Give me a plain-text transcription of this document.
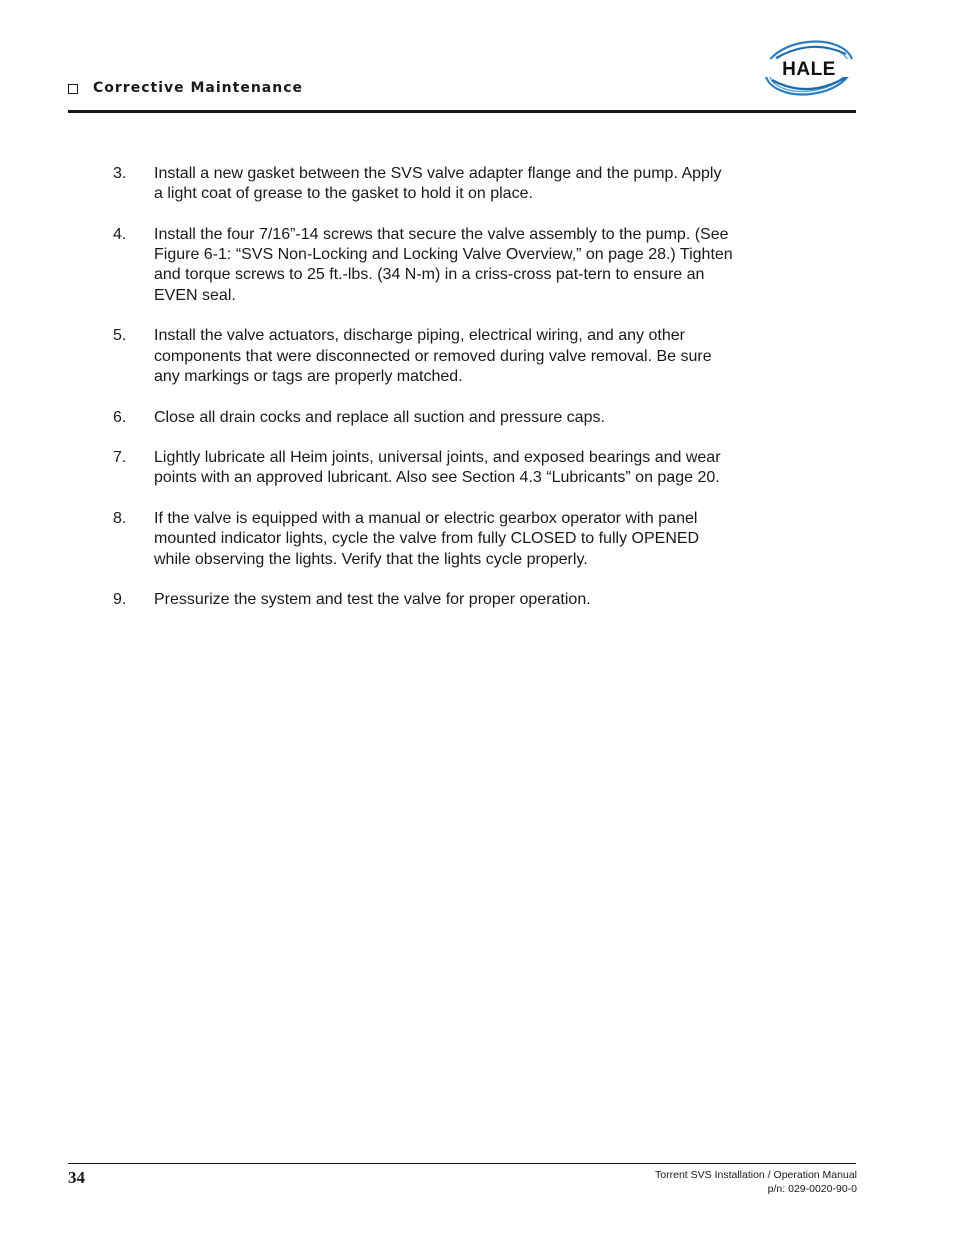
Corrective Maintenance
HALE
3.	Install a new gasket between the SVS valve adapter flange and the pump. Apply a light coat of grease to the gasket to hold it on place.
4.	Install the four 7/16”-14 screws that secure the valve assembly to the pump. (See Figure 6-1: “SVS Non-Locking and Locking Valve Overview,” on page 28.) Tighten and torque screws to 25 ft.-lbs. (34 N-m) in a criss-cross pat-tern to ensure an EVEN seal.
5.	Install the valve actuators, discharge piping, electrical wiring, and any other components that were disconnected or removed during valve removal. Be sure any markings or tags are properly matched.
6.	Close all drain cocks and replace all suction and pressure caps.
7.	Lightly lubricate all Heim joints, universal joints, and exposed bearings and wear points with an approved lubricant. Also see Section 4.3 “Lubricants” on page 20.
8.	If the valve is equipped with a manual or electric gearbox operator with panel mounted indicator lights, cycle the valve from fully CLOSED to fully OPENED while observing the lights. Verify that the lights cycle properly.
9.	Pressurize the system and test the valve for proper operation.
34	Torrent SVS Installation / Operation Manual
p/n: 029-0020-90-0
